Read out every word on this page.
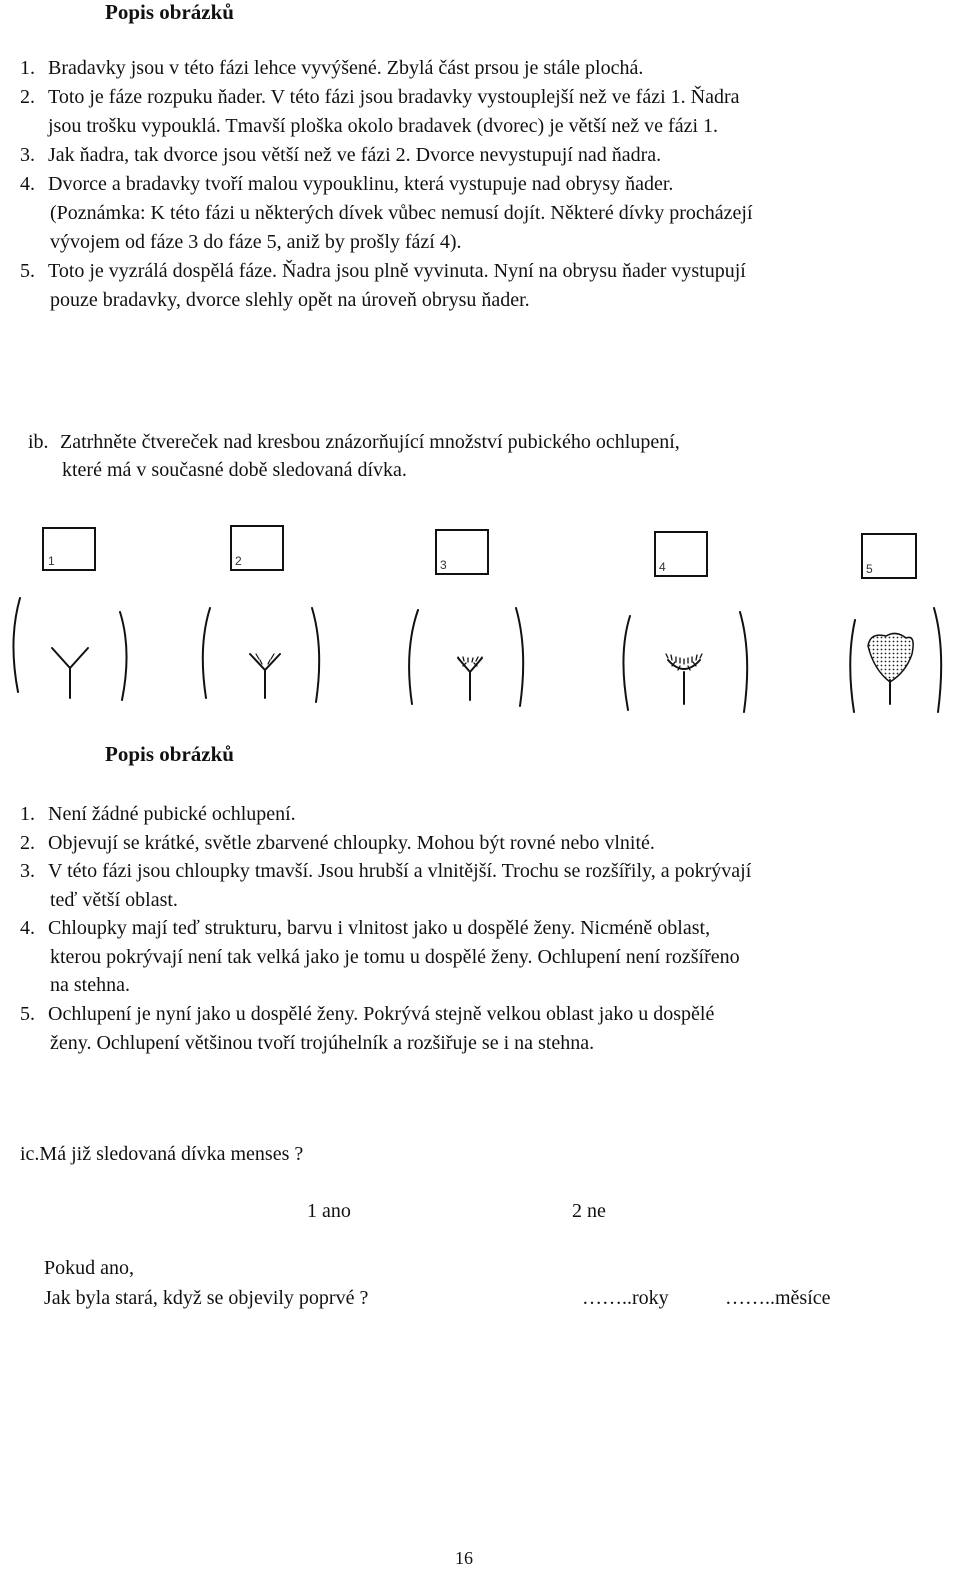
Popis obrázků
1. Bradavky jsou v této fázi lehce vyvýšené. Zbylá část prsou je stále plochá.
2. Toto je fáze rozpuku ňader. V této fázi jsou bradavky vystouplejší než ve fázi 1. Ňadra
jsou trošku vypouklá. Tmavší ploška okolo bradavek (dvorec) je větší než ve fázi 1.
3. Jak ňadra, tak dvorce jsou větší než ve fázi 2. Dvorce nevystupují nad ňadra.
4. Dvorce a bradavky tvoří malou vypouklinu, která vystupuje nad obrysy ňader.
(Poznámka: K této fázi u některých dívek vůbec nemusí dojít. Některé dívky procházejí
vývojem od fáze 3 do fáze 5, aniž by prošly fází 4).
5. Toto je vyzrálá dospělá fáze. Ňadra jsou plně vyvinuta. Nyní na obrysu ňader vystupují
pouze bradavky, dvorce slehly opět na úroveň obrysu ňader.
ib. Zatrhněte čtvereček nad kresbou znázorňující množství pubického ochlupení,
které má v současné době sledovaná dívka.
1	2	3	4	5
Popis obrázků
1. Není žádné pubické ochlupení.
2. Objevují se krátké, světle zbarvené chloupky. Mohou být rovné nebo vlnité.
3. V této fázi jsou chloupky tmavší. Jsou hrubší a vlnitější. Trochu se rozšířily, a pokrývají
teď větší oblast.
4. Chloupky mají teď strukturu, barvu i vlnitost jako u dospělé ženy. Nicméně oblast,
kterou pokrývají není tak velká jako je tomu u dospělé ženy. Ochlupení není rozšířeno
na stehna.
5. Ochlupení je nyní jako u dospělé ženy. Pokrývá stejně velkou oblast jako u dospělé
ženy. Ochlupení většinou tvoří trojúhelník a rozšiřuje se i na stehna.
ic.Má již sledovaná dívka menses ?
1 ano	2 ne
Pokud ano,
Jak byla stará, když se objevily poprvé ?	……..roky	……..měsíce
16
